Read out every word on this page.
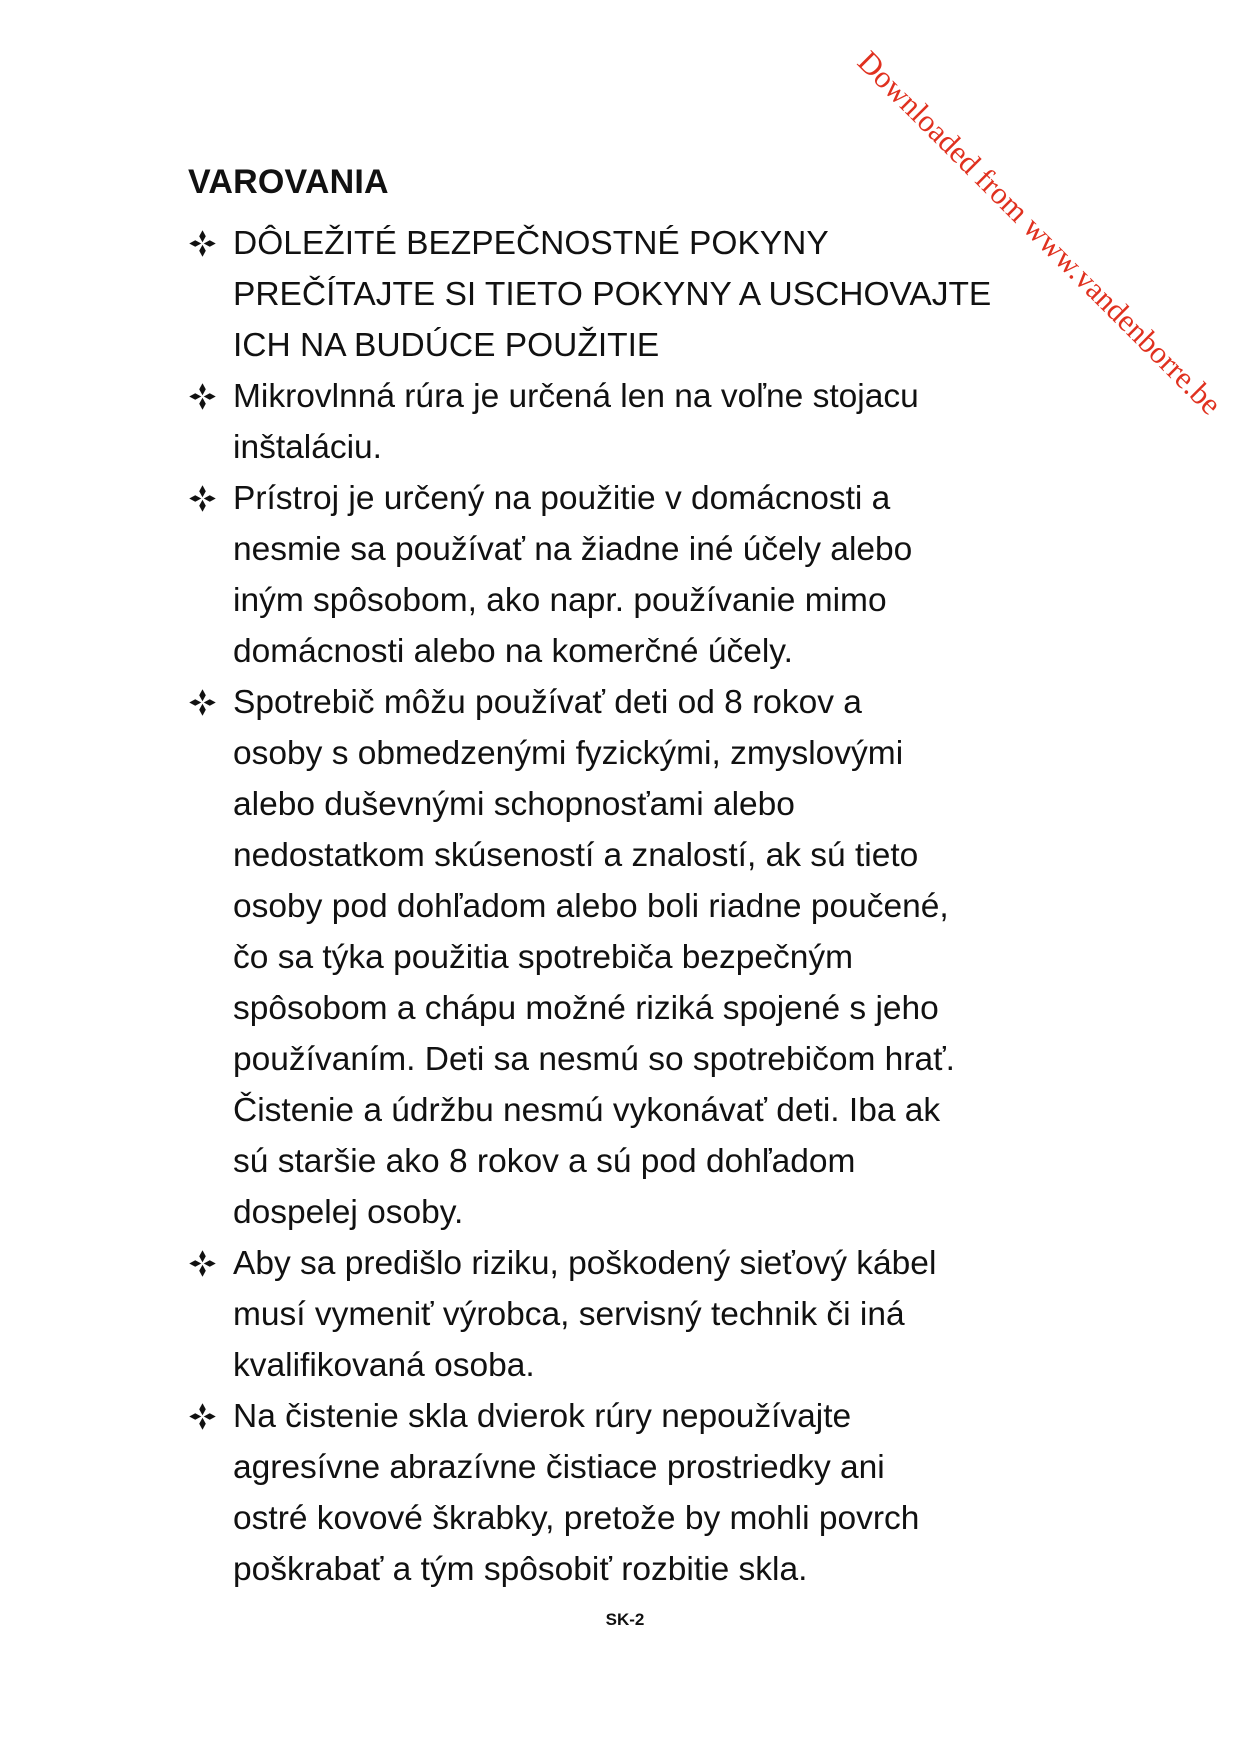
Downloaded from www.vandenborre.be
VAROVANIA
DÔLEŽITÉ BEZPEČNOSTNÉ POKYNY
PREČÍTAJTE SI TIETO POKYNY A USCHOVAJTE
ICH NA BUDÚCE POUŽITIE
Mikrovlnná rúra je určená len na voľne stojacu
inštaláciu.
Prístroj je určený na použitie v domácnosti a
nesmie sa používať na žiadne iné účely alebo
iným spôsobom, ako napr. používanie mimo
domácnosti alebo na komerčné účely.
Spotrebič môžu používať deti od 8 rokov a
osoby s obmedzenými fyzickými, zmyslovými
alebo duševnými schopnosťami alebo
nedostatkom skúseností a znalostí, ak sú tieto
osoby pod dohľadom alebo boli riadne poučené,
čo sa týka použitia spotrebiča bezpečným
spôsobom a chápu možné riziká spojené s jeho
používaním. Deti sa nesmú so spotrebičom hrať.
Čistenie a údržbu nesmú vykonávať deti. Iba ak
sú staršie ako 8 rokov a sú pod dohľadom
dospelej osoby.
Aby sa predišlo riziku, poškodený sieťový kábel
musí vymeniť výrobca, servisný technik či iná
kvalifikovaná osoba.
Na čistenie skla dvierok rúry nepoužívajte
agresívne abrazívne čistiace prostriedky ani
ostré kovové škrabky, pretože by mohli povrch
poškrabať a tým spôsobiť rozbitie skla.
SK-2
